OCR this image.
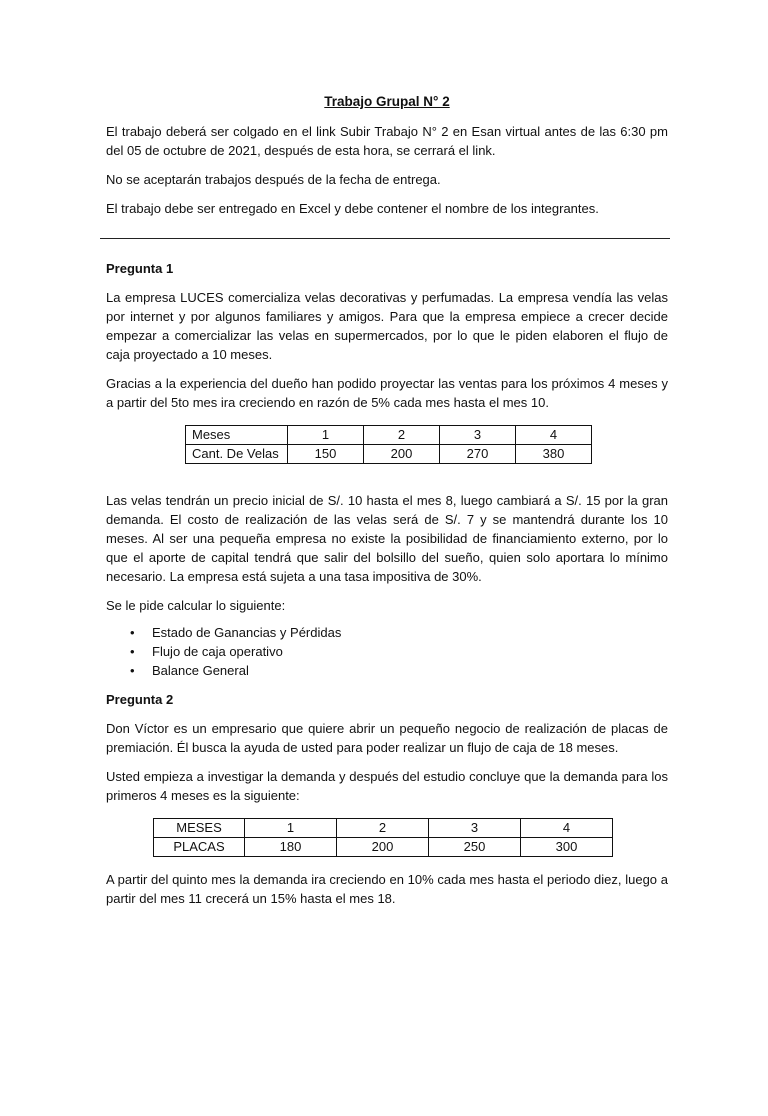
Trabajo Grupal N° 2

El trabajo deberá ser colgado en el link Subir Trabajo N° 2 en Esan virtual antes de las 6:30 pm del 05 de octubre de 2021, después de esta hora, se cerrará el link.

No se aceptarán trabajos después de la fecha de entrega.

El trabajo debe ser entregado en Excel y debe contener el nombre de los integrantes.

Pregunta 1

La empresa LUCES comercializa velas decorativas y perfumadas. La empresa vendía las velas por internet y por algunos familiares y amigos. Para que la empresa empiece a crecer decide empezar a comercializar las velas en supermercados, por lo que le piden elaboren el flujo de caja proyectado a 10 meses.

Gracias a la experiencia del dueño han podido proyectar las ventas para los próximos 4 meses y a partir del 5to mes ira creciendo en razón de 5% cada mes hasta el mes 10.

Meses	1	2	3	4
Cant. De Velas	150	200	270	380

Las velas tendrán un precio inicial de S/. 10 hasta el mes 8, luego cambiará a S/. 15 por la gran demanda. El costo de realización de las velas será de S/. 7 y se mantendrá durante los 10 meses. Al ser una pequeña empresa no existe la posibilidad de financiamiento externo, por lo que el aporte de capital tendrá que salir del bolsillo del sueño, quien solo aportara lo mínimo necesario. La empresa está sujeta a una tasa impositiva de 30%.

Se le pide calcular lo siguiente:

• Estado de Ganancias y Pérdidas
• Flujo de caja operativo
• Balance General

Pregunta 2

Don Víctor es un empresario que quiere abrir un pequeño negocio de realización de placas de premiación. Él busca la ayuda de usted para poder realizar un flujo de caja de 18 meses.

Usted empieza a investigar la demanda y después del estudio concluye que la demanda para los primeros 4 meses es la siguiente:

MESES	1	2	3	4
PLACAS	180	200	250	300

A partir del quinto mes la demanda ira creciendo en 10% cada mes hasta el periodo diez, luego a partir del mes 11 crecerá un 15% hasta el mes 18.
